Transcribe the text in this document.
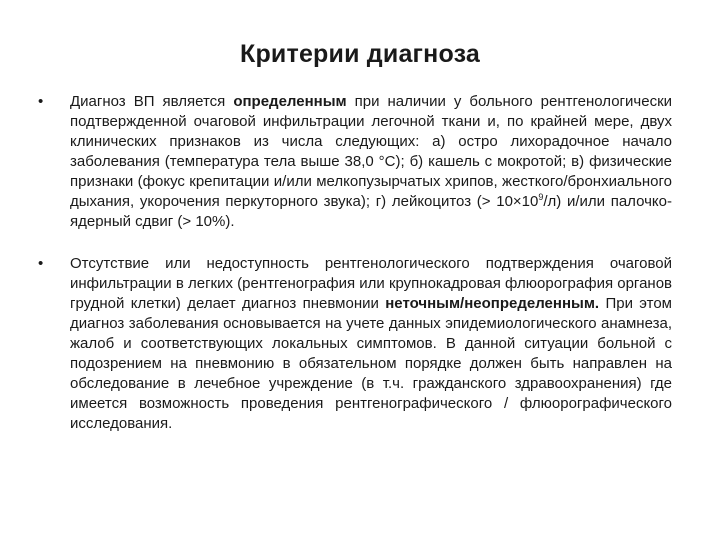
Критерии диагноза
• Диагноз ВП является определенным при наличии у больного рентгенологически подтвержденной очаговой инфильтрации легочной ткани и, по крайней мере, двух клинических признаков из числа следующих: а) остро лихорадочное начало заболевания (температура тела выше 38,0 °С); б) кашель с мокротой; в) физические признаки (фокус крепитации и/или мелкопузырчатых хрипов, жесткого/бронхиального дыхания, укорочения перкуторного звука); г) лейкоцитоз (> $10\times 10^9/л$) и/или палочко-ядерный сдвиг (> 10%).
• Отсутствие или недоступность рентгенологического подтверждения очаговой инфильтрации в легких (рентгенография или крупнокадровая флюорография органов грудной клетки) делает диагноз пневмонии неточным/неопределенным. При этом диагноз заболевания основывается на учете данных эпидемиологического анамнеза, жалоб и соответствующих локальных симптомов. В данной ситуации больной с подозрением на пневмонию в обязательном порядке должен быть направлен на обследование в лечебное учреждение (в т.ч. гражданского здравоохранения) где имеется возможность проведения рентгенографического / флюорографического исследования.
